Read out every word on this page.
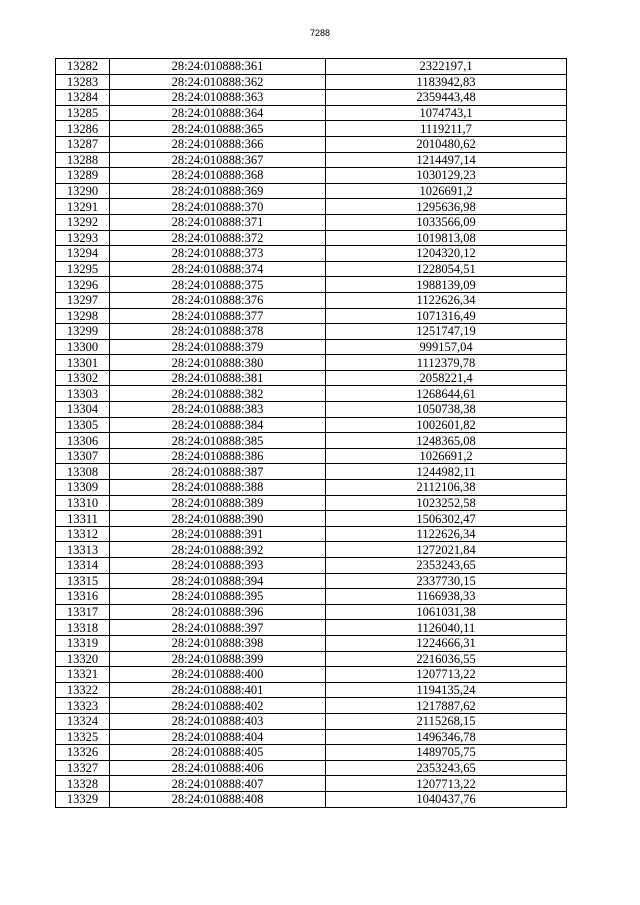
7288
13282	28:24:010888:361	2322197,1
13283	28:24:010888:362	1183942,83
13284	28:24:010888:363	2359443,48
13285	28:24:010888:364	1074743,1
13286	28:24:010888:365	1119211,7
13287	28:24:010888:366	2010480,62
13288	28:24:010888:367	1214497,14
13289	28:24:010888:368	1030129,23
13290	28:24:010888:369	1026691,2
13291	28:24:010888:370	1295636,98
13292	28:24:010888:371	1033566,09
13293	28:24:010888:372	1019813,08
13294	28:24:010888:373	1204320,12
13295	28:24:010888:374	1228054,51
13296	28:24:010888:375	1988139,09
13297	28:24:010888:376	1122626,34
13298	28:24:010888:377	1071316,49
13299	28:24:010888:378	1251747,19
13300	28:24:010888:379	999157,04
13301	28:24:010888:380	1112379,78
13302	28:24:010888:381	2058221,4
13303	28:24:010888:382	1268644,61
13304	28:24:010888:383	1050738,38
13305	28:24:010888:384	1002601,82
13306	28:24:010888:385	1248365,08
13307	28:24:010888:386	1026691,2
13308	28:24:010888:387	1244982,11
13309	28:24:010888:388	2112106,38
13310	28:24:010888:389	1023252,58
13311	28:24:010888:390	1506302,47
13312	28:24:010888:391	1122626,34
13313	28:24:010888:392	1272021,84
13314	28:24:010888:393	2353243,65
13315	28:24:010888:394	2337730,15
13316	28:24:010888:395	1166938,33
13317	28:24:010888:396	1061031,38
13318	28:24:010888:397	1126040,11
13319	28:24:010888:398	1224666,31
13320	28:24:010888:399	2216036,55
13321	28:24:010888:400	1207713,22
13322	28:24:010888:401	1194135,24
13323	28:24:010888:402	1217887,62
13324	28:24:010888:403	2115268,15
13325	28:24:010888:404	1496346,78
13326	28:24:010888:405	1489705,75
13327	28:24:010888:406	2353243,65
13328	28:24:010888:407	1207713,22
13329	28:24:010888:408	1040437,76
